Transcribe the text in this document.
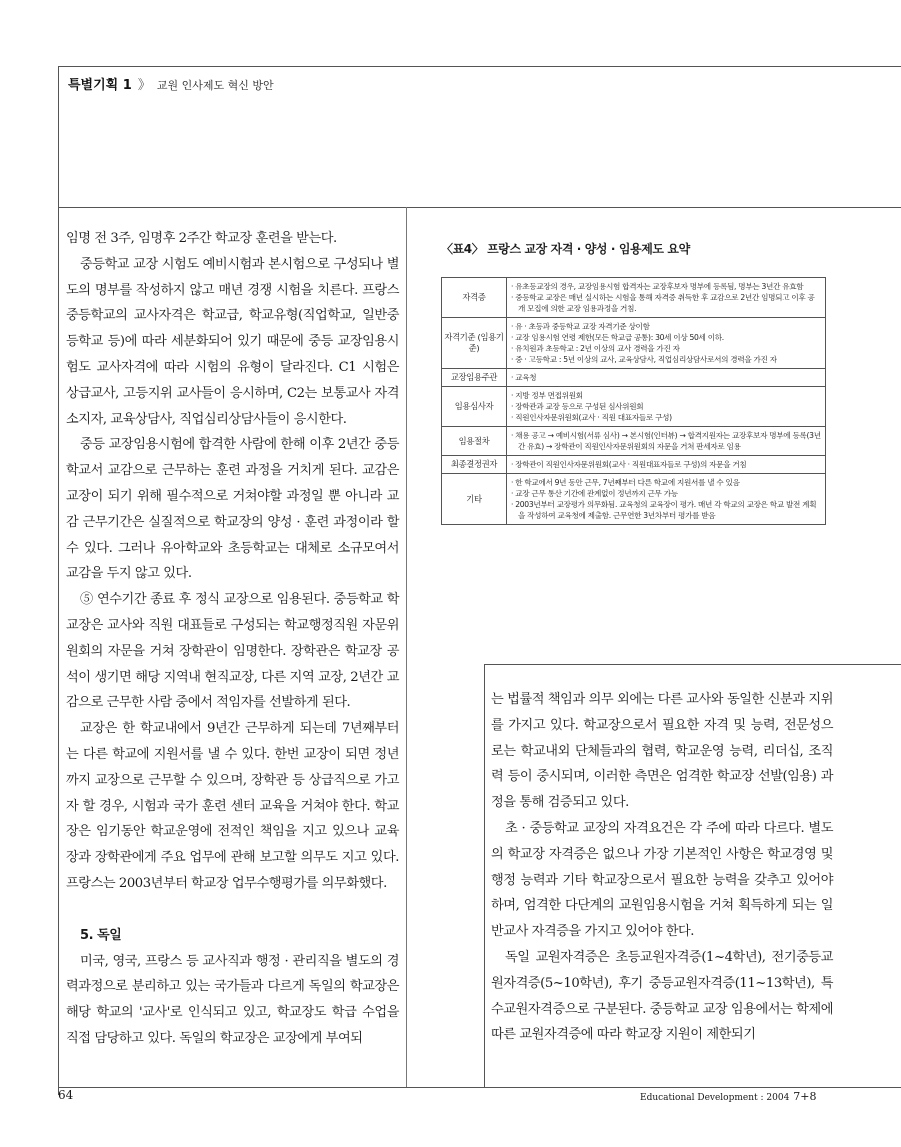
특별기획 1 》 교원 인사제도 혁신 방안

임명 전 3주, 임명후 2주간 학교장 훈련을 받는다.

중등학교 교장 시험도 예비시험과 본시험으로 구성되나 별도의 명부를 작성하지 않고 매년 경쟁 시험을 치른다. 프랑스 중등학교의 교사자격은 학교급, 학교유형(직업학교, 일반중등학교 등)에 따라 세분화되어 있기 때문에 중등 교장임용시험도 교사자격에 따라 시험의 유형이 달라진다. C1 시험은 상급교사, 고등지위 교사들이 응시하며, C2는 보통교사 자격 소지자, 교육상담사, 직업심리상담사들이 응시한다.

중등 교장임용시험에 합격한 사람에 한해 이후 2년간 중등학교서 교감으로 근무하는 훈련 과정을 거치게 된다. 교감은 교장이 되기 위해 필수적으로 거쳐야할 과정일 뿐 아니라 교감 근무기간은 실질적으로 학교장의 양성 · 훈련 과정이라 할 수 있다. 그러나 유아학교와 초등학교는 대체로 소규모여서 교감을 두지 않고 있다.

⑤ 연수기간 종료 후 정식 교장으로 임용된다. 중등학교 학교장은 교사와 직원 대표들로 구성되는 학교행정직원 자문위원회의 자문을 거쳐 장학관이 임명한다. 장학관은 학교장 공석이 생기면 해당 지역내 현직교장, 다른 지역 교장, 2년간 교감으로 근무한 사람 중에서 적임자를 선발하게 된다.

교장은 한 학교내에서 9년간 근무하게 되는데 7년째부터는 다른 학교에 지원서를 낼 수 있다. 한번 교장이 되면 정년까지 교장으로 근무할 수 있으며, 장학관 등 상급직으로 가고자 할 경우, 시험과 국가 훈련 센터 교육을 거쳐야 한다. 학교장은 임기동안 학교운영에 전적인 책임을 지고 있으나 교육장과 장학관에게 주요 업무에 관해 보고할 의무도 지고 있다. 프랑스는 2003년부터 학교장 업무수행평가를 의무화했다.

5. 독일

미국, 영국, 프랑스 등 교사직과 행정 · 관리직을 별도의 경력과정으로 분리하고 있는 국가들과 다르게 독일의 학교장은 해당 학교의 '교사'로 인식되고 있고, 학교장도 학급 수업을 직접 담당하고 있다. 독일의 학교장은 교장에게 부여되

〈표4〉 프랑스 교장 자격 · 양성 · 임용제도 요약
자격증	· 유초등교장의 경우, 교장임용시험 합격자는 교장후보자 명부에 등록됨, 명부는 3년간 유효함
· 중등학교 교장은 매년 실시하는 시험을 통해 자격증 취득한 후 교감으로 2년간 임명되고 이후 공개 모집에 의한 교장 임용과정을 거침.

자격기준 (임용기준)	· 유 · 초등과 중등학교 교장 자격기준 상이함
· 교장 임용시험 연령 제한(모든 학교급 공통): 30세 이상 50세 이하.
· 유치원과 초등학교 : 2년 이상의 교사 경력을 가진 자
· 중 · 고등학교 : 5년 이상의 교사, 교육상담사, 직업심리상담사로서의 경력을 가진 자

교장임용주관	· 교육청

임용심사자	· 지방 정부 면접위원회
· 장학관과 교장 등으로 구성된 심사위원회
· 직원인사자문위원회(교사 · 직원 대표자들로 구성)

임용절차	· 채용 공고 → 예비시험(서류 심사) → 본시험(인터뷰) → 합격지원자는 교장후보자 명부에 등록(3년간 유효) → 장학관이 직원인사자문위원회의 자문을 거쳐 판세자로 임용

최종결정권자	· 장학관이 직원인사자문위원회(교사 · 직원대표자들로 구성)의 자문을 거침

기타	· 한 학교에서 9년 동안 근무, 7년째부터 다른 학교에 지원서를 낼 수 있음
· 교장 근무 통산 기간에 관계없이 정년까지 근무 가능
· 2003년부터 교장평가 의무화됨. 교육청의 교육장이 평가. 매년 각 학교의 교장은 학교 발전 계획을 작성하여 교육청에 제출함. 근무연한 3년차부터 평가를 받음

는 법률적 책임과 의무 외에는 다른 교사와 동일한 신분과 지위를 가지고 있다. 학교장으로서 필요한 자격 및 능력, 전문성으로는 학교내외 단체들과의 협력, 학교운영 능력, 리더십, 조직력 등이 중시되며, 이러한 측면은 엄격한 학교장 선발(임용) 과정을 통해 검증되고 있다.

초 · 중등학교 교장의 자격요건은 각 주에 따라 다르다. 별도의 학교장 자격증은 없으나 가장 기본적인 사항은 학교경영 및 행정 능력과 기타 학교장으로서 필요한 능력을 갖추고 있어야 하며, 엄격한 다단계의 교원임용시험을 거쳐 획득하게 되는 일반교사 자격증을 가지고 있어야 한다.

독일 교원자격증은 초등교원자격증(1~4학년), 전기중등교원자격증(5~10학년), 후기 중등교원자격증(11~13학년), 특수교원자격증으로 구분된다. 중등학교 교장 임용에서는 학제에 따른 교원자격증에 따라 학교장 지원이 제한되기

64	Educational Development : 2004 7+8
